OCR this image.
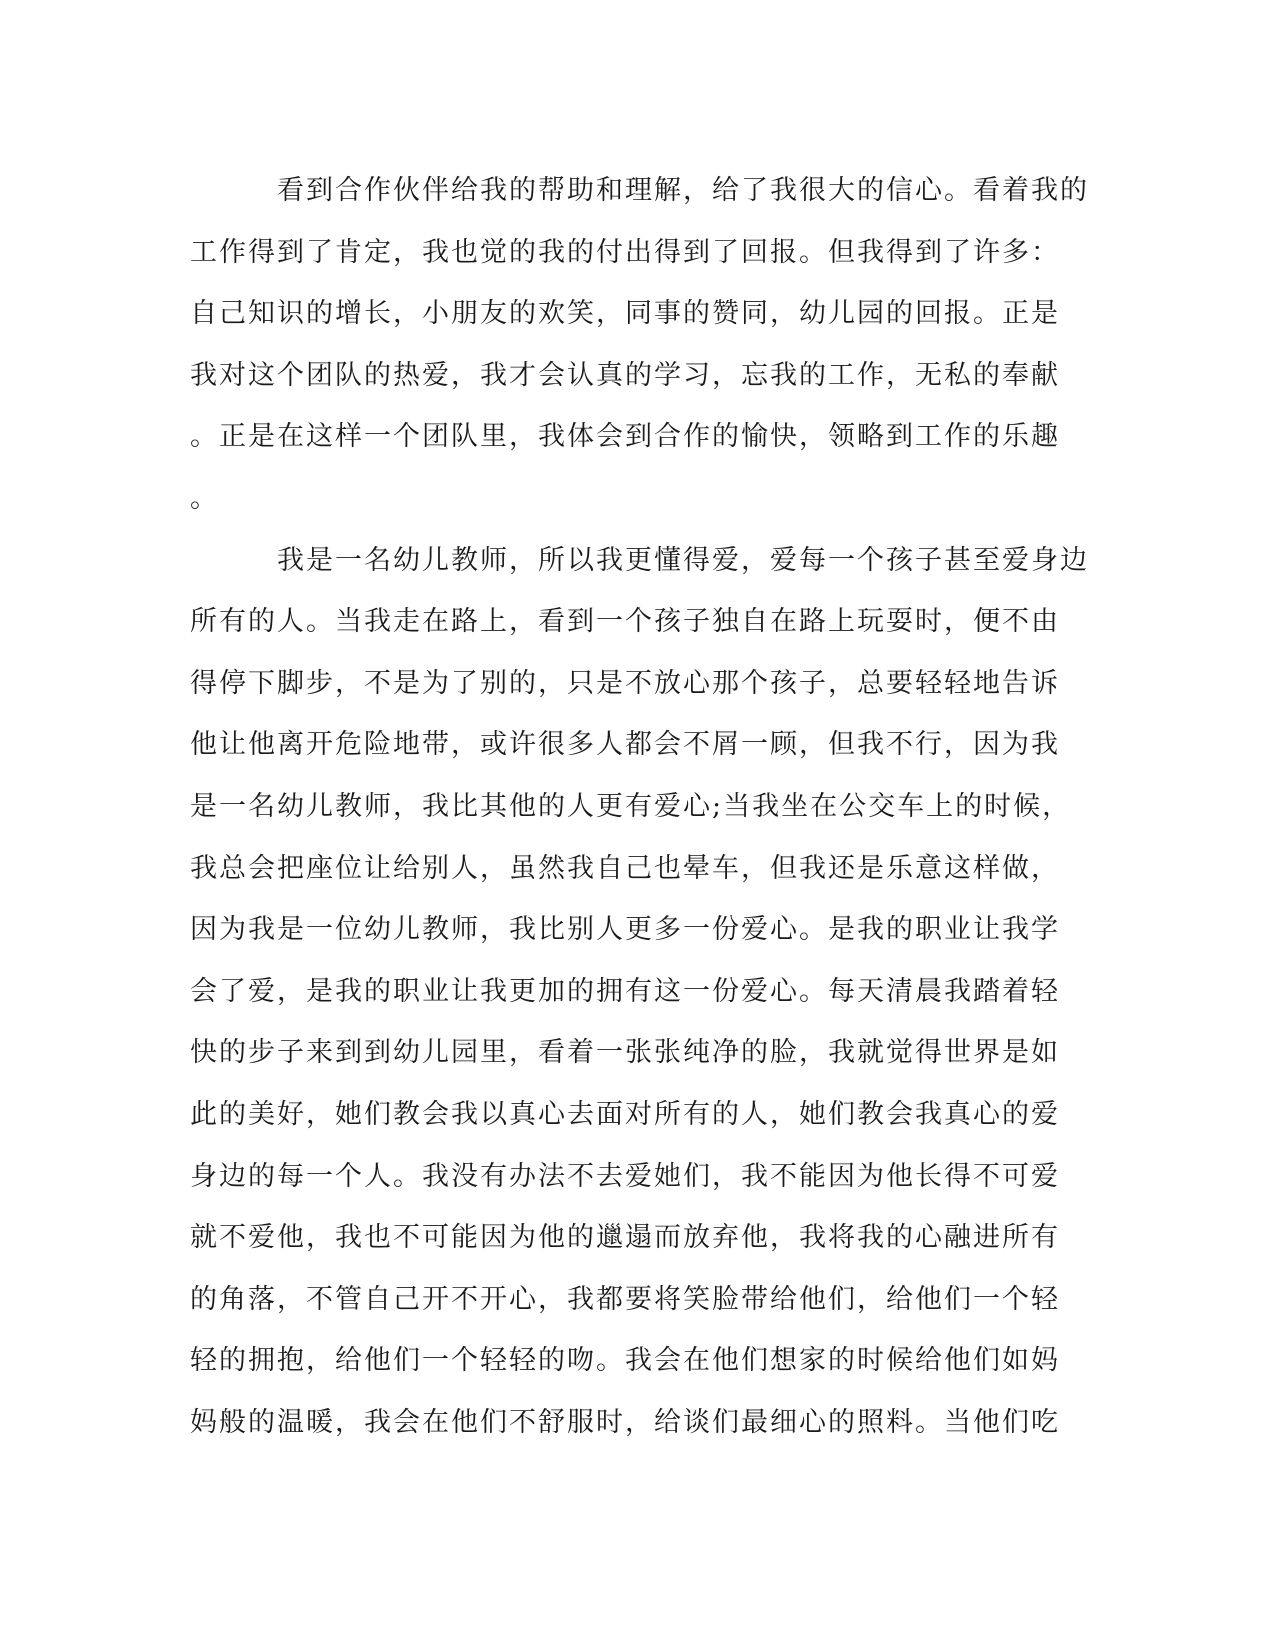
　　　看到合作伙伴给我的帮助和理解，给了我很大的信心。看着我的
工作得到了肯定，我也觉的我的付出得到了回报。但我得到了许多：
自己知识的增长，小朋友的欢笑，同事的赞同，幼儿园的回报。正是
我对这个团队的热爱，我才会认真的学习，忘我的工作，无私的奉献
。正是在这样一个团队里，我体会到合作的愉快，领略到工作的乐趣
。
　　　我是一名幼儿教师，所以我更懂得爱，爱每一个孩子甚至爱身边
所有的人。当我走在路上，看到一个孩子独自在路上玩耍时，便不由
得停下脚步，不是为了别的，只是不放心那个孩子，总要轻轻地告诉
他让他离开危险地带，或许很多人都会不屑一顾，但我不行，因为我
是一名幼儿教师，我比其他的人更有爱心;当我坐在公交车上的时候，
我总会把座位让给别人，虽然我自己也晕车，但我还是乐意这样做，
因为我是一位幼儿教师，我比别人更多一份爱心。是我的职业让我学
会了爱，是我的职业让我更加的拥有这一份爱心。每天清晨我踏着轻
快的步子来到到幼儿园里，看着一张张纯净的脸，我就觉得世界是如
此的美好，她们教会我以真心去面对所有的人，她们教会我真心的爱
身边的每一个人。我没有办法不去爱她们，我不能因为他长得不可爱
就不爱他，我也不可能因为他的邋遢而放弃他，我将我的心融进所有
的角落，不管自己开不开心，我都要将笑脸带给他们，给他们一个轻
轻的拥抱，给他们一个轻轻的吻。我会在他们想家的时候给他们如妈
妈般的温暖，我会在他们不舒服时，给谈们最细心的照料。当他们吃
